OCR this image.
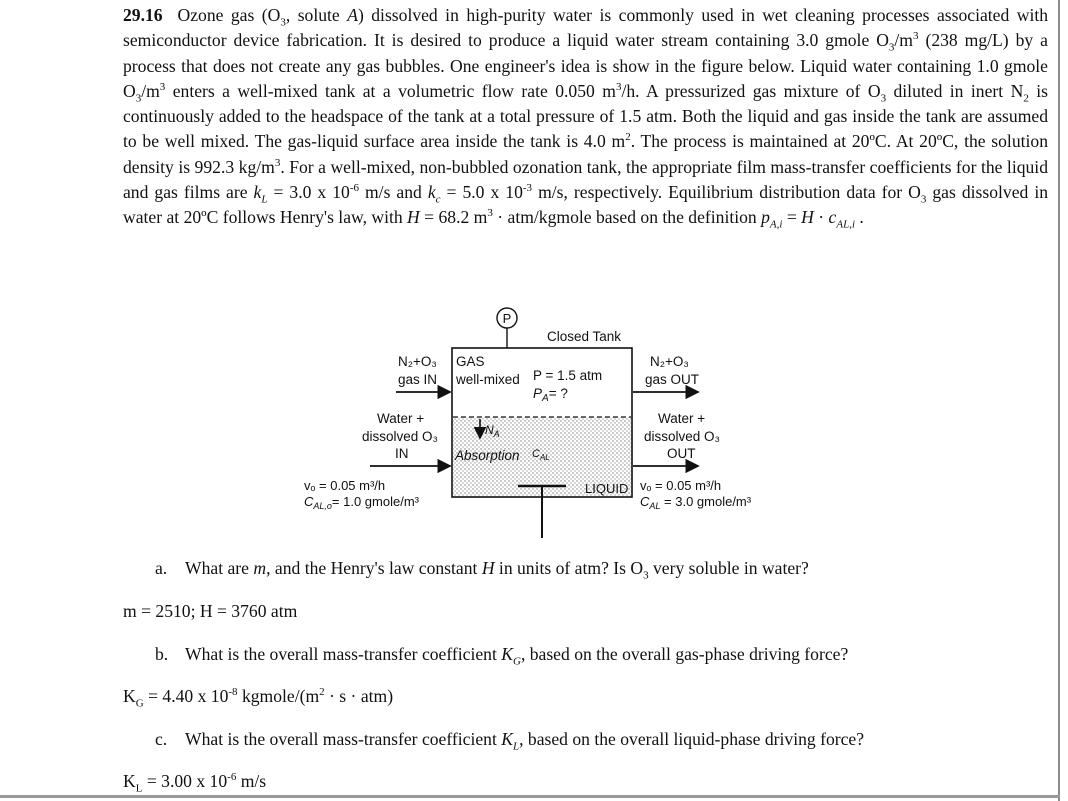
29.16 Ozone gas ($O_3$, solute A) dissolved in high-purity water is commonly used in wet cleaning processes associated with semiconductor device fabrication. It is desired to produce a liquid water stream containing 3.0 gmole $O_3/m^3$ (238 mg/L) by a process that does not create any gas bubbles. One engineer's idea is show in the figure below. Liquid water containing 1.0 gmole $O_3/m^3$ enters a well-mixed tank at a volumetric flow rate 0.050 $m^3/h$. A pressurized gas mixture of $O_3$ diluted in inert $N_2$ is continuously added to the headspace of the tank at a total pressure of 1.5 atm. Both the liquid and gas inside the tank are assumed to be well mixed. The gas-liquid surface area inside the tank is 4.0 $m^2$. The process is maintained at 20ºC. At 20ºC, the solution density is 992.3 $kg/m^3$. For a well-mixed, non-bubbled ozonation tank, the appropriate film mass-transfer coefficients for the liquid and gas films are $k_L = 3.0$ x $10^{-6}$ m/s and $k_c = 5.0$ x $10^{-3}$ m/s, respectively. Equilibrium distribution data for $O_3$ gas dissolved in water at 20ºC follows Henry's law, with H = 68.2 $m^3$ · atm/kgmole based on the definition $p_{A,i} = H \cdot c_{AL,i}$ .

P
Closed Tank
GAS
well-mixed P = 1.5 atm
$P_A=$ ?
N₂+O₃
gas IN
N₂+O₃
gas OUT
Water +
dissolved O₃
IN
$N_A$
Absorption $C_{AL}$
Water +
dissolved O₃
OUT
vₒ = 0.05 m³/h
$C_{AL,o}= 1.0$ gmole/m³
LIQUID vₒ = 0.05 m³/h
$C_{AL} = 3.0$ gmole/m³
a. What are m, and the Henry's law constant H in units of atm? Is $O_3$ very soluble in water?
m = 2510; H = 3760 atm
b. What is the overall mass-transfer coefficient $K_G$, based on the overall gas-phase driving force?
$K_G = 4.40$ x $10^{-8}$ kgmole/$(m^2 \cdot s \cdot atm)$
c. What is the overall mass-transfer coefficient $K_L$, based on the overall liquid-phase driving force?
$K_L = 3.00$ x $10^{-6}$ m/s
